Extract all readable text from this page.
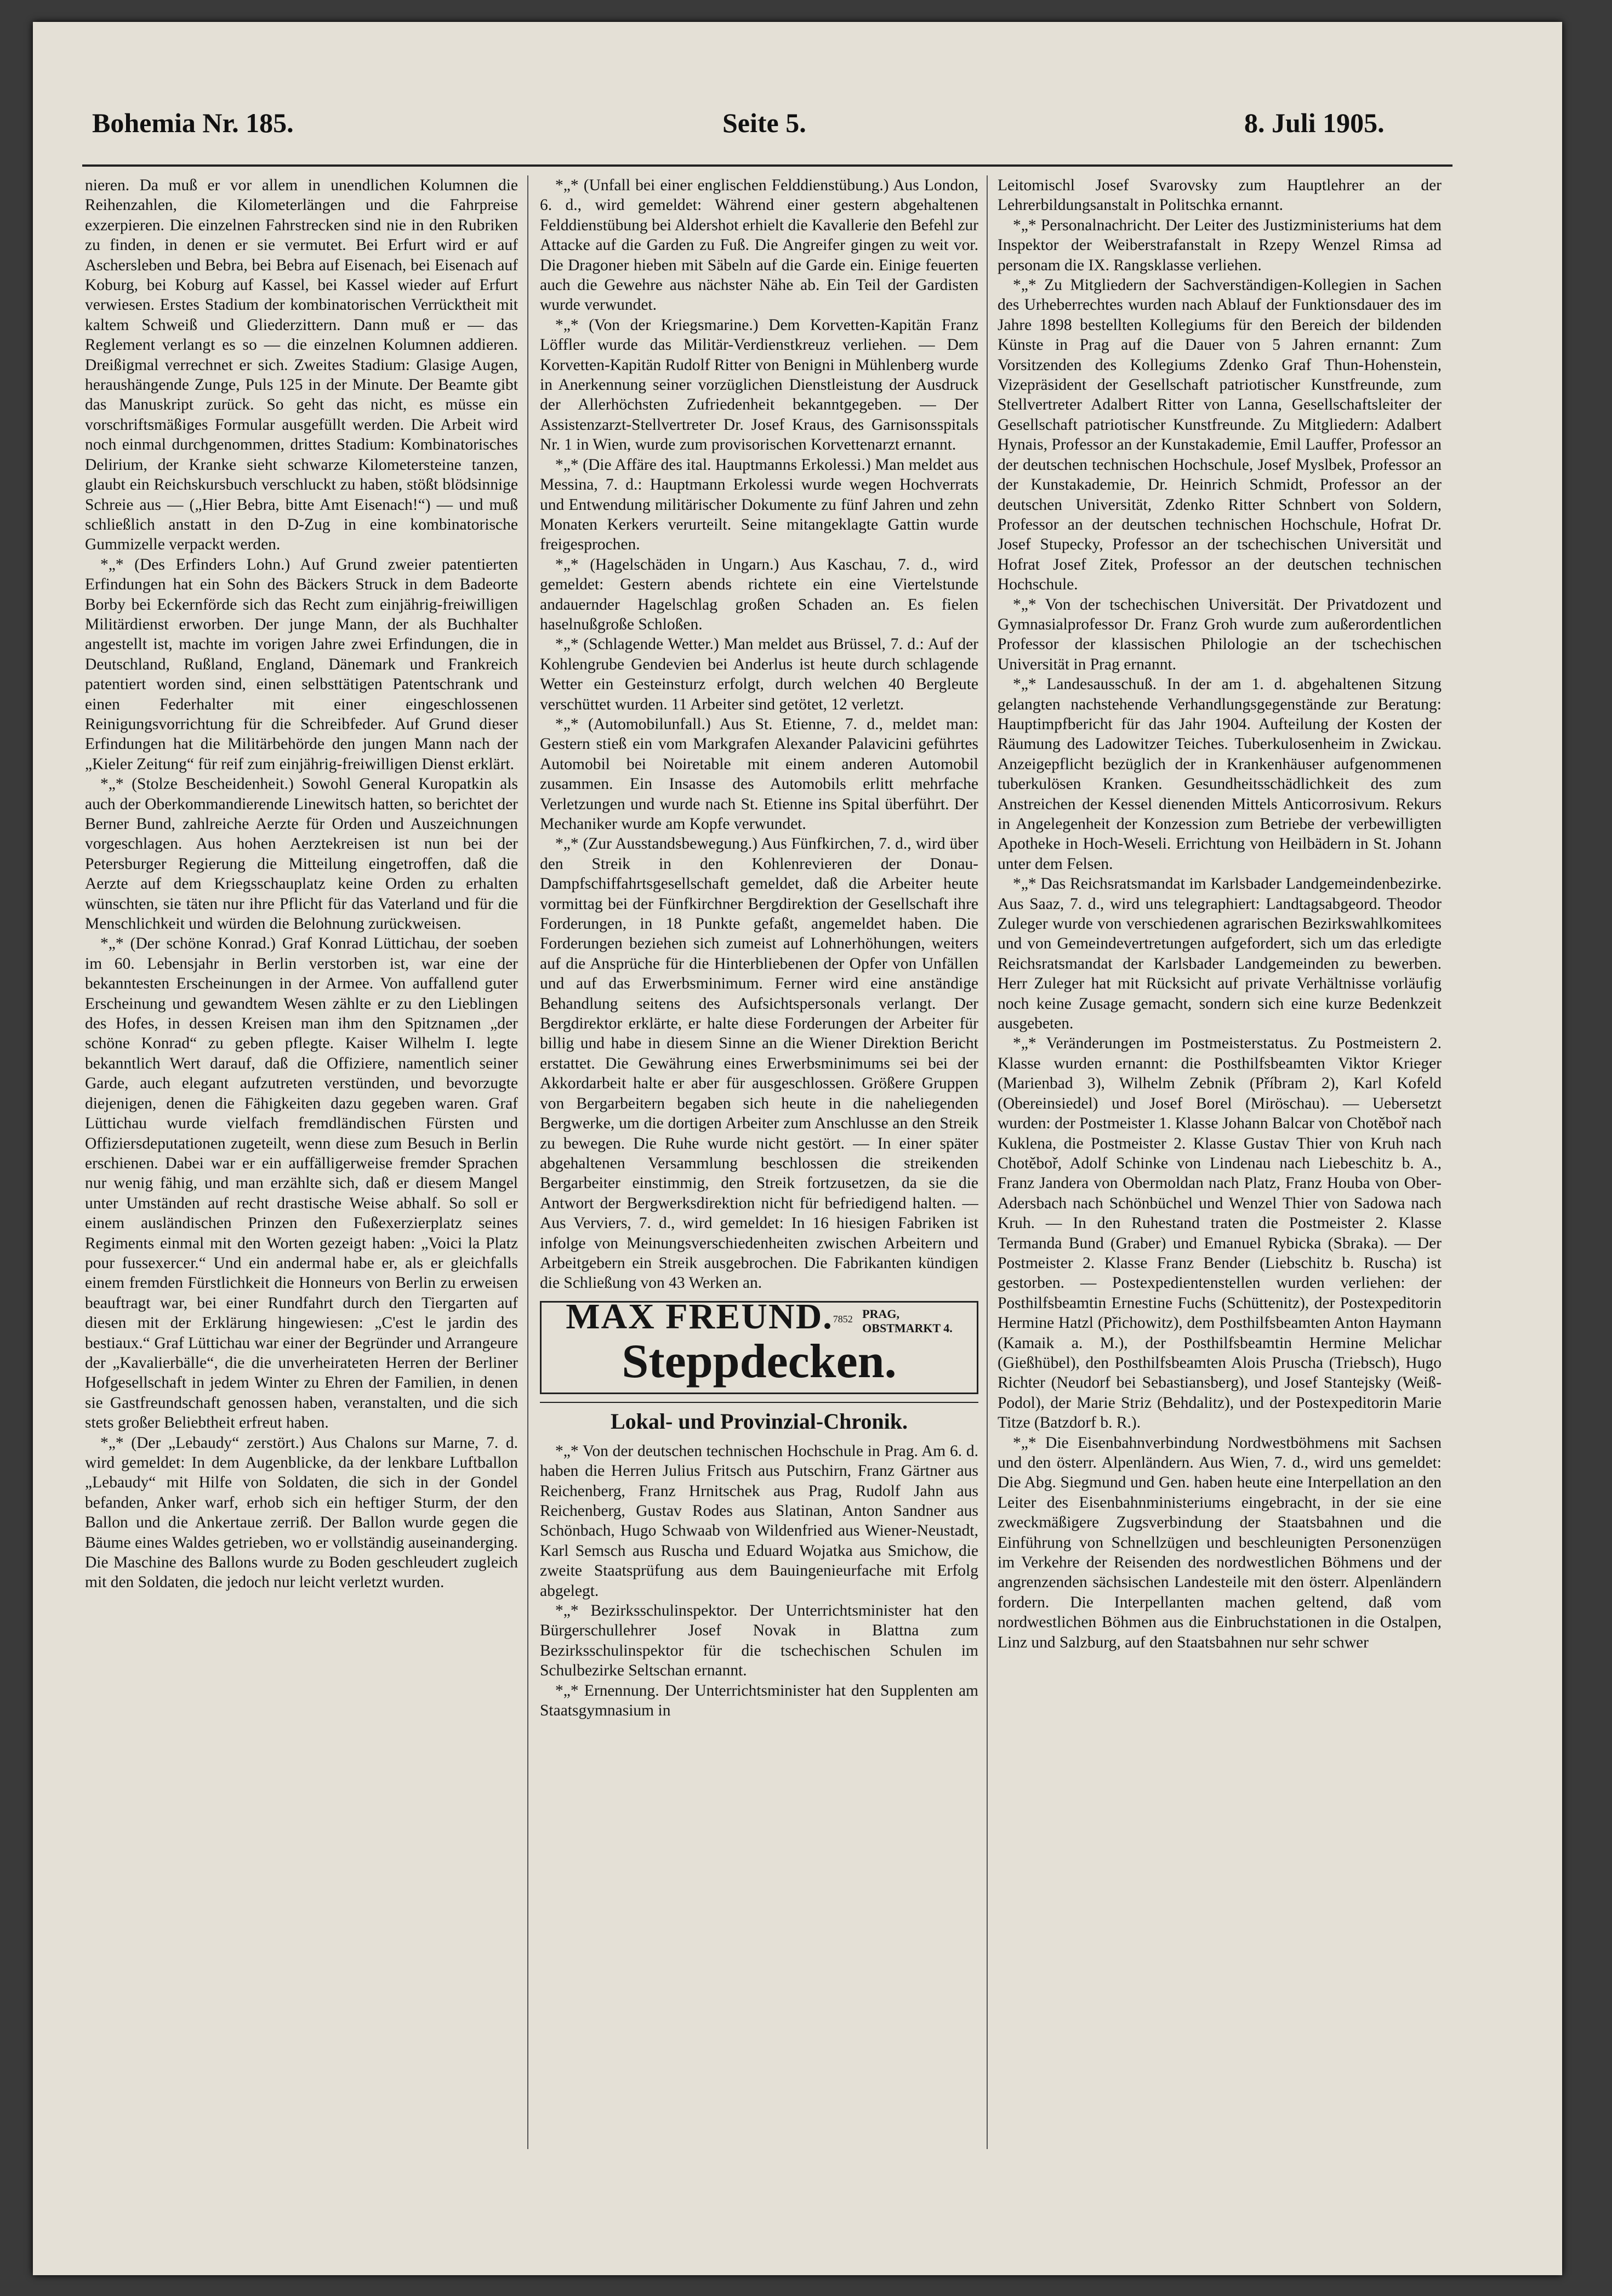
Bohemia Nr. 185.	Seite 5.	8. Juli 1905.

nieren. Da muß er vor allem in unendlichen Kolumnen die Reihenzahlen, die Kilometerlängen und die Fahrpreise exzerpieren. Die einzelnen Fahrstrecken sind nie in den Rubriken zu finden, in denen er sie vermutet. Bei Erfurt wird er auf Aschersleben und Bebra, bei Bebra auf Eisenach, bei Eisenach auf Koburg, bei Koburg auf Kassel, bei Kassel wieder auf Erfurt verwiesen. Erstes Stadium der kombinatorischen Verrücktheit mit kaltem Schweiß und Gliederzittern. Dann muß er — das Reglement verlangt es so — die einzelnen Kolumnen addieren. Dreißigmal verrechnet er sich. Zweites Stadium: Glasige Augen, heraushängende Zunge, Puls 125 in der Minute. Der Beamte gibt das Manuskript zurück. So geht das nicht, es müsse ein vorschriftsmäßiges Formular ausgefüllt werden. Die Arbeit wird noch einmal durchgenommen, drittes Stadium: Kombinatorisches Delirium, der Kranke sieht schwarze Kilometersteine tanzen, glaubt ein Reichskursbuch verschluckt zu haben, stößt blödsinnige Schreie aus — („Hier Bebra, bitte Amt Eisenach!“) — und muß schließlich anstatt in den D-Zug in eine kombinatorische Gummizelle verpackt werden.

*„* (Des Erfinders Lohn.) Auf Grund zweier patentierten Erfindungen hat ein Sohn des Bäckers Struck in dem Badeorte Borby bei Eckernförde sich das Recht zum einjährig-freiwilligen Militärdienst erworben. Der junge Mann, der als Buchhalter angestellt ist, machte im vorigen Jahre zwei Erfindungen, die in Deutschland, Rußland, England, Dänemark und Frankreich patentiert worden sind, einen selbsttätigen Patentschrank und einen Federhalter mit einer eingeschlossenen Reinigungsvorrichtung für die Schreibfeder. Auf Grund dieser Erfindungen hat die Militärbehörde den jungen Mann nach der „Kieler Zeitung“ für reif zum einjährig-freiwilligen Dienst erklärt.

*„* (Stolze Bescheidenheit.) Sowohl General Kuropatkin als auch der Oberkommandierende Linewitsch hatten, so berichtet der Berner Bund, zahlreiche Aerzte für Orden und Auszeichnungen vorgeschlagen. Aus hohen Aerztekreisen ist nun bei der Petersburger Regierung die Mitteilung eingetroffen, daß die Aerzte auf dem Kriegsschauplatz keine Orden zu erhalten wünschten, sie täten nur ihre Pflicht für das Vaterland und für die Menschlichkeit und würden die Belohnung zurückweisen.

*„* (Der schöne Konrad.) Graf Konrad Lüttichau, der soeben im 60. Lebensjahr in Berlin verstorben ist, war eine der bekanntesten Erscheinungen in der Armee. Von auffallend guter Erscheinung und gewandtem Wesen zählte er zu den Lieblingen des Hofes, in dessen Kreisen man ihm den Spitznamen „der schöne Konrad“ zu geben pflegte. Kaiser Wilhelm I. legte bekanntlich Wert darauf, daß die Offiziere, namentlich seiner Garde, auch elegant aufzutreten verstünden, und bevorzugte diejenigen, denen die Fähigkeiten dazu gegeben waren. Graf Lüttichau wurde vielfach fremdländischen Fürsten und Offiziersdeputationen zugeteilt, wenn diese zum Besuch in Berlin erschienen. Dabei war er ein auffälligerweise fremder Sprachen nur wenig fähig, und man erzählte sich, daß er diesem Mangel unter Umständen auf recht drastische Weise abhalf. So soll er einem ausländischen Prinzen den Fußexerzierplatz seines Regiments einmal mit den Worten gezeigt haben: „Voici la Platz pour fussexercer.“ Und ein andermal habe er, als er gleichfalls einem fremden Fürstlichkeit die Honneurs von Berlin zu erweisen beauftragt war, bei einer Rundfahrt durch den Tiergarten auf diesen mit der Erklärung hingewiesen: „C'est le jardin des bestiaux.“ Graf Lüttichau war einer der Begründer und Arrangeure der „Kavalierbälle“, die die unverheirateten Herren der Berliner Hofgesellschaft in jedem Winter zu Ehren der Familien, in denen sie Gastfreundschaft genossen haben, veranstalten, und die sich stets großer Beliebtheit erfreut haben.

*„* (Der „Lebaudy“ zerstört.) Aus Chalons sur Marne, 7. d. wird gemeldet: In dem Augenblicke, da der lenkbare Luftballon „Lebaudy“ mit Hilfe von Soldaten, die sich in der Gondel befanden, Anker warf, erhob sich ein heftiger Sturm, der den Ballon und die Ankertaue zerriß. Der Ballon wurde gegen die Bäume eines Waldes getrieben, wo er vollständig auseinanderging. Die Maschine des Ballons wurde zu Boden geschleudert zugleich mit den Soldaten, die jedoch nur leicht verletzt wurden.

*„* (Unfall bei einer englischen Felddienstübung.) Aus London, 6. d., wird gemeldet: Während einer gestern abgehaltenen Felddienstübung bei Aldershot erhielt die Kavallerie den Befehl zur Attacke auf die Garden zu Fuß. Die Angreifer gingen zu weit vor. Die Dragoner hieben mit Säbeln auf die Garde ein. Einige feuerten auch die Gewehre aus nächster Nähe ab. Ein Teil der Gardisten wurde verwundet.

*„* (Von der Kriegsmarine.) Dem Korvetten-Kapitän Franz Löffler wurde das Militär-Verdienstkreuz verliehen. — Dem Korvetten-Kapitän Rudolf Ritter von Benigni in Mühlenberg wurde in Anerkennung seiner vorzüglichen Dienstleistung der Ausdruck der Allerhöchsten Zufriedenheit bekanntgegeben. — Der Assistenzarzt-Stellvertreter Dr. Josef Kraus, des Garnisonsspitals Nr. 1 in Wien, wurde zum provisorischen Korvettenarzt ernannt.

*„* (Die Affäre des ital. Hauptmanns Erkolessi.) Man meldet aus Messina, 7. d.: Hauptmann Erkolessi wurde wegen Hochverrats und Entwendung militärischer Dokumente zu fünf Jahren und zehn Monaten Kerkers verurteilt. Seine mitangeklagte Gattin wurde freigesprochen.

*„* (Hagelschäden in Ungarn.) Aus Kaschau, 7. d., wird gemeldet: Gestern abends richtete ein eine Viertelstunde andauernder Hagelschlag großen Schaden an. Es fielen haselnußgroße Schloßen.

*„* (Schlagende Wetter.) Man meldet aus Brüssel, 7. d.: Auf der Kohlengrube Gendevien bei Anderlus ist heute durch schlagende Wetter ein Gesteinsturz erfolgt, durch welchen 40 Bergleute verschüttet wurden. 11 Arbeiter sind getötet, 12 verletzt.

*„* (Automobilunfall.) Aus St. Etienne, 7. d., meldet man: Gestern stieß ein vom Markgrafen Alexander Palavicini geführtes Automobil bei Noiretable mit einem anderen Automobil zusammen. Ein Insasse des Automobils erlitt mehrfache Verletzungen und wurde nach St. Etienne ins Spital überführt. Der Mechaniker wurde am Kopfe verwundet.

*„* (Zur Ausstandsbewegung.) Aus Fünfkirchen, 7. d., wird über den Streik in den Kohlenrevieren der Donau-Dampfschiffahrtsgesellschaft gemeldet, daß die Arbeiter heute vormittag bei der Fünfkirchner Bergdirektion der Gesellschaft ihre Forderungen, in 18 Punkte gefaßt, angemeldet haben. Die Forderungen beziehen sich zumeist auf Lohnerhöhungen, weiters auf die Ansprüche für die Hinterbliebenen der Opfer von Unfällen und auf das Erwerbsminimum. Ferner wird eine anständige Behandlung seitens des Aufsichtspersonals verlangt. Der Bergdirektor erklärte, er halte diese Forderungen der Arbeiter für billig und habe in diesem Sinne an die Wiener Direktion Bericht erstattet. Die Gewährung eines Erwerbsminimums sei bei der Akkordarbeit halte er aber für ausgeschlossen. Größere Gruppen von Bergarbeitern begaben sich heute in die naheliegenden Bergwerke, um die dortigen Arbeiter zum Anschlusse an den Streik zu bewegen. Die Ruhe wurde nicht gestört. — In einer später abgehaltenen Versammlung beschlossen die streikenden Bergarbeiter einstimmig, den Streik fortzusetzen, da sie die Antwort der Bergwerksdirektion nicht für befriedigend halten. — Aus Verviers, 7. d., wird gemeldet: In 16 hiesigen Fabriken ist infolge von Meinungsverschiedenheiten zwischen Arbeitern und Arbeitgebern ein Streik ausgebrochen. Die Fabrikanten kündigen die Schließung von 43 Werken an.

MAX FREUND.$^{7852}$ PRAG,
OBSTMARKT 4.
Steppdecken.
Lokal- und Provinzial-Chronik.

*„* Von der deutschen technischen Hochschule in Prag. Am 6. d. haben die Herren Julius Fritsch aus Putschirn, Franz Gärtner aus Reichenberg, Franz Hrnitschek aus Prag, Rudolf Jahn aus Reichenberg, Gustav Rodes aus Slatinan, Anton Sandner aus Schönbach, Hugo Schwaab von Wildenfried aus Wiener-Neustadt, Karl Semsch aus Ruscha und Eduard Wojatka aus Smichow, die zweite Staatsprüfung aus dem Bauingenieurfache mit Erfolg abgelegt.

*„* Bezirksschulinspektor. Der Unterrichtsminister hat den Bürgerschullehrer Josef Novak in Blattna zum Bezirksschulinspektor für die tschechischen Schulen im Schulbezirke Seltschan ernannt.

*„* Ernennung. Der Unterrichtsminister hat den Supplenten am Staatsgymnasium in

Leitomischl Josef Svarovsky zum Hauptlehrer an der Lehrerbildungsanstalt in Politschka ernannt.

*„* Personalnachricht. Der Leiter des Justizministeriums hat dem Inspektor der Weiberstrafanstalt in Rzepy Wenzel Rimsa ad personam die IX. Rangsklasse verliehen.

*„* Zu Mitgliedern der Sachverständigen-Kollegien in Sachen des Urheberrechtes wurden nach Ablauf der Funktionsdauer des im Jahre 1898 bestellten Kollegiums für den Bereich der bildenden Künste in Prag auf die Dauer von 5 Jahren ernannt: Zum Vorsitzenden des Kollegiums Zdenko Graf Thun-Hohenstein, Vizepräsident der Gesellschaft patriotischer Kunstfreunde, zum Stellvertreter Adalbert Ritter von Lanna, Gesellschaftsleiter der Gesellschaft patriotischer Kunstfreunde. Zu Mitgliedern: Adalbert Hynais, Professor an der Kunstakademie, Emil Lauffer, Professor an der deutschen technischen Hochschule, Josef Myslbek, Professor an der Kunstakademie, Dr. Heinrich Schmidt, Professor an der deutschen Universität, Zdenko Ritter Schnbert von Soldern, Professor an der deutschen technischen Hochschule, Hofrat Dr. Josef Stupecky, Professor an der tschechischen Universität und Hofrat Josef Zitek, Professor an der deutschen technischen Hochschule.

*„* Von der tschechischen Universität. Der Privatdozent und Gymnasialprofessor Dr. Franz Groh wurde zum außerordentlichen Professor der klassischen Philologie an der tschechischen Universität in Prag ernannt.

*„* Landesausschuß. In der am 1. d. abgehaltenen Sitzung gelangten nachstehende Verhandlungsgegenstände zur Beratung: Hauptimpfbericht für das Jahr 1904. Aufteilung der Kosten der Räumung des Ladowitzer Teiches. Tuberkulosenheim in Zwickau. Anzeigepflicht bezüglich der in Krankenhäuser aufgenommenen tuberkulösen Kranken. Gesundheitsschädlichkeit des zum Anstreichen der Kessel dienenden Mittels Anticorrosivum. Rekurs in Angelegenheit der Konzession zum Betriebe der verbewilligten Apotheke in Hoch-Weseli. Errichtung von Heilbädern in St. Johann unter dem Felsen.

*„* Das Reichsratsmandat im Karlsbader Landgemeindenbezirke. Aus Saaz, 7. d., wird uns telegraphiert: Landtagsabgeord. Theodor Zuleger wurde von verschiedenen agrarischen Bezirkswahlkomitees und von Gemeindevertretungen aufgefordert, sich um das erledigte Reichsratsmandat der Karlsbader Landgemeinden zu bewerben. Herr Zuleger hat mit Rücksicht auf private Verhältnisse vorläufig noch keine Zusage gemacht, sondern sich eine kurze Bedenkzeit ausgebeten.

*„* Veränderungen im Postmeisterstatus. Zu Postmeistern 2. Klasse wurden ernannt: die Posthilfsbeamten Viktor Krieger (Marienbad 3), Wilhelm Zebnik (Příbram 2), Karl Kofeld (Obereinsiedel) und Josef Borel (Miröschau). — Uebersetzt wurden: der Postmeister 1. Klasse Johann Balcar von Chotěboř nach Kuklena, die Postmeister 2. Klasse Gustav Thier von Kruh nach Chotěboř, Adolf Schinke von Lindenau nach Liebeschitz b. A., Franz Jandera von Obermoldan nach Platz, Franz Houba von Ober-Adersbach nach Schönbüchel und Wenzel Thier von Sadowa nach Kruh. — In den Ruhestand traten die Postmeister 2. Klasse Termanda Bund (Graber) und Emanuel Rybicka (Sbraka). — Der Postmeister 2. Klasse Franz Bender (Liebschitz b. Ruscha) ist gestorben. — Postexpedientenstellen wurden verliehen: der Posthilfsbeamtin Ernestine Fuchs (Schüttenitz), der Postexpeditorin Hermine Hatzl (Přichowitz), dem Posthilfsbeamten Anton Haymann (Kamaik a. M.), der Posthilfsbeamtin Hermine Melichar (Gießhübel), den Posthilfsbeamten Alois Pruscha (Triebsch), Hugo Richter (Neudorf bei Sebastiansberg), und Josef Stantejsky (Weiß-Podol), der Marie Striz (Behdalitz), und der Postexpeditorin Marie Titze (Batzdorf b. R.).

*„* Die Eisenbahnverbindung Nordwestböhmens mit Sachsen und den österr. Alpenländern. Aus Wien, 7. d., wird uns gemeldet: Die Abg. Siegmund und Gen. haben heute eine Interpellation an den Leiter des Eisenbahnministeriums eingebracht, in der sie eine zweckmäßigere Zugsverbindung der Staatsbahnen und die Einführung von Schnellzügen und beschleunigten Personenzügen im Verkehre der Reisenden des nordwestlichen Böhmens und der angrenzenden sächsischen Landesteile mit den österr. Alpenländern fordern. Die Interpellanten machen geltend, daß vom nordwestlichen Böhmen aus die Einbruchstationen in die Ostalpen, Linz und Salzburg, auf den Staatsbahnen nur sehr schwer
